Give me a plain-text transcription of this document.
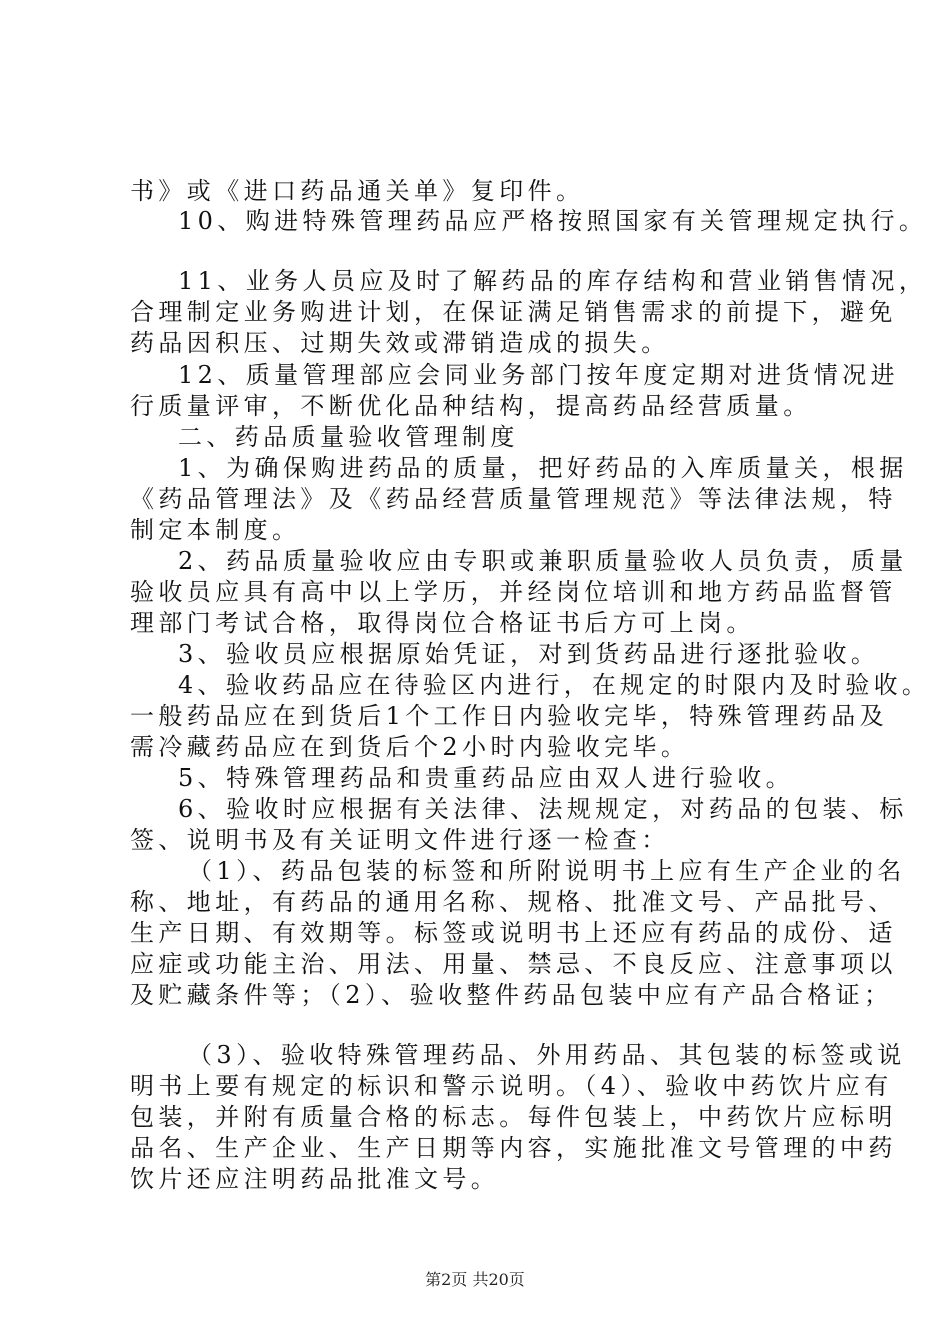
书》或《进口药品通关单》复印件。
10、购进特殊管理药品应严格按照国家有关管理规定执行。
11、业务人员应及时了解药品的库存结构和营业销售情况，
合理制定业务购进计划，在保证满足销售需求的前提下，避免
药品因积压、过期失效或滞销造成的损失。
12、质量管理部应会同业务部门按年度定期对进货情况进
行质量评审，不断优化品种结构，提高药品经营质量。
二、药品质量验收管理制度
1、为确保购进药品的质量，把好药品的入库质量关，根据
《药品管理法》及《药品经营质量管理规范》等法律法规，特
制定本制度。
2、药品质量验收应由专职或兼职质量验收人员负责，质量
验收员应具有高中以上学历，并经岗位培训和地方药品监督管
理部门考试合格，取得岗位合格证书后方可上岗。
3、验收员应根据原始凭证，对到货药品进行逐批验收。
4、验收药品应在待验区内进行，在规定的时限内及时验收。
一般药品应在到货后1个工作日内验收完毕，特殊管理药品及
需冷藏药品应在到货后个2小时内验收完毕。
5、特殊管理药品和贵重药品应由双人进行验收。
6、验收时应根据有关法律、法规规定，对药品的包装、标
签、说明书及有关证明文件进行逐一检查：
（1）、药品包装的标签和所附说明书上应有生产企业的名
称、地址，有药品的通用名称、规格、批准文号、产品批号、
生产日期、有效期等。标签或说明书上还应有药品的成份、适
应症或功能主治、用法、用量、禁忌、不良反应、注意事项以
及贮藏条件等；（2）、验收整件药品包装中应有产品合格证；
（3）、验收特殊管理药品、外用药品、其包装的标签或说
明书上要有规定的标识和警示说明。（4）、验收中药饮片应有
包装，并附有质量合格的标志。每件包装上，中药饮片应标明
品名、生产企业、生产日期等内容，实施批准文号管理的中药
饮片还应注明药品批准文号。
第2页 共20页
